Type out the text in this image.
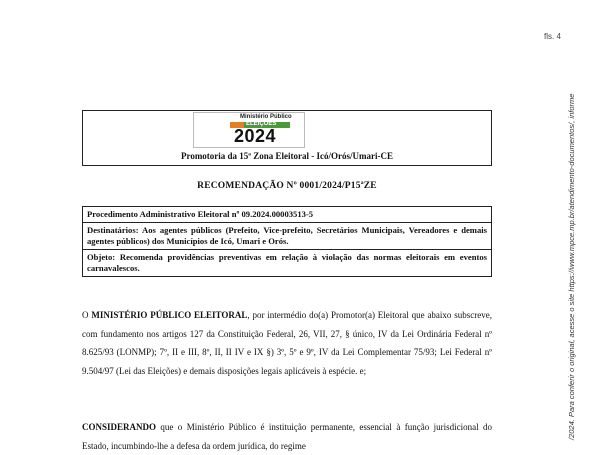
fls. 4
/2024. Para conferir o original, acesse o site https://www.mpce.mp.br/atendimento-documentos/, informe
Ministério Público
ELEIÇÕES
2024
Promotoria da 15ª Zona Eleitoral - Icó/Orós/Umari-CE
RECOMENDAÇÃO Nº 0001/2024/P15ªZE
Procedimento Administrativo Eleitoral nº 09.2024.00003513-5
Destinatários: Aos agentes públicos (Prefeito, Vice-prefeito, Secretários Municipais, Vereadores e demais agentes públicos) dos Municípios de Icó, Umari e Orós.
Objeto: Recomenda providências preventivas em relação à violação das normas eleitorais em eventos carnavalescos.
O MINISTÉRIO PÚBLICO ELEITORAL, por intermédio do(a) Promotor(a) Eleitoral que abaixo subscreve, com fundamento nos artigos 127 da Constituição Federal, 26, VII, 27, § único, IV da Lei Ordinária Federal nº 8.625/93 (LONMP); 7º, II e III, 8º, II, II IV e IX §) 3º, 5º e 9º, IV da Lei Complementar 75/93; Lei Federal nº 9.504/97 (Lei das Eleições) e demais disposições legais aplicáveis à espécie. e;
CONSIDERANDO que o Ministério Público é instituição permanente, essencial à função jurisdicional do Estado, incumbindo-lhe a defesa da ordem jurídica, do regime
